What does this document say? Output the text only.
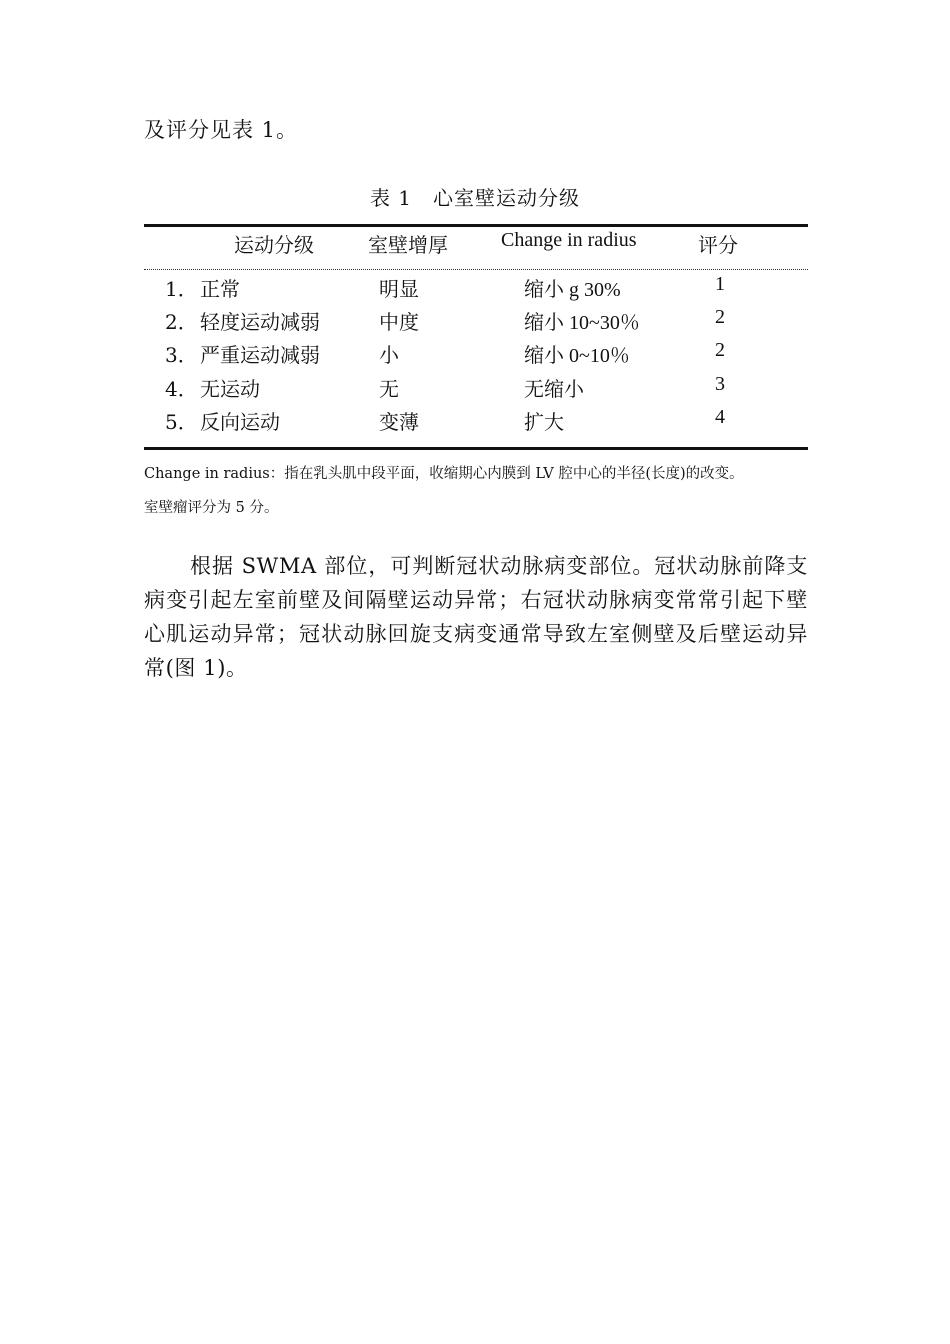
及评分见表 1。
表 1　心室壁运动分级
运动分级	室壁增厚	Change in radius	评分
1． 正常	明显	缩小 g 30%	1
2． 轻度运动减弱	中度	缩小 10~30％	2
3． 严重运动减弱	小	缩小 0~10％	2
4． 无运动	无	无缩小	3
5． 反向运动	变薄	扩大	4
Change in radius：指在乳头肌中段平面，收缩期心内膜到 LV 腔中心的半径(长度)的改变。
室壁瘤评分为 5 分。
根据 SWMA 部位，可判断冠状动脉病变部位。冠状动脉前降支病变引起左室前壁及间隔壁运动异常；右冠状动脉病变常常引起下壁心肌运动异常；冠状动脉回旋支病变通常导致左室侧壁及后壁运动异常(图 1)。
